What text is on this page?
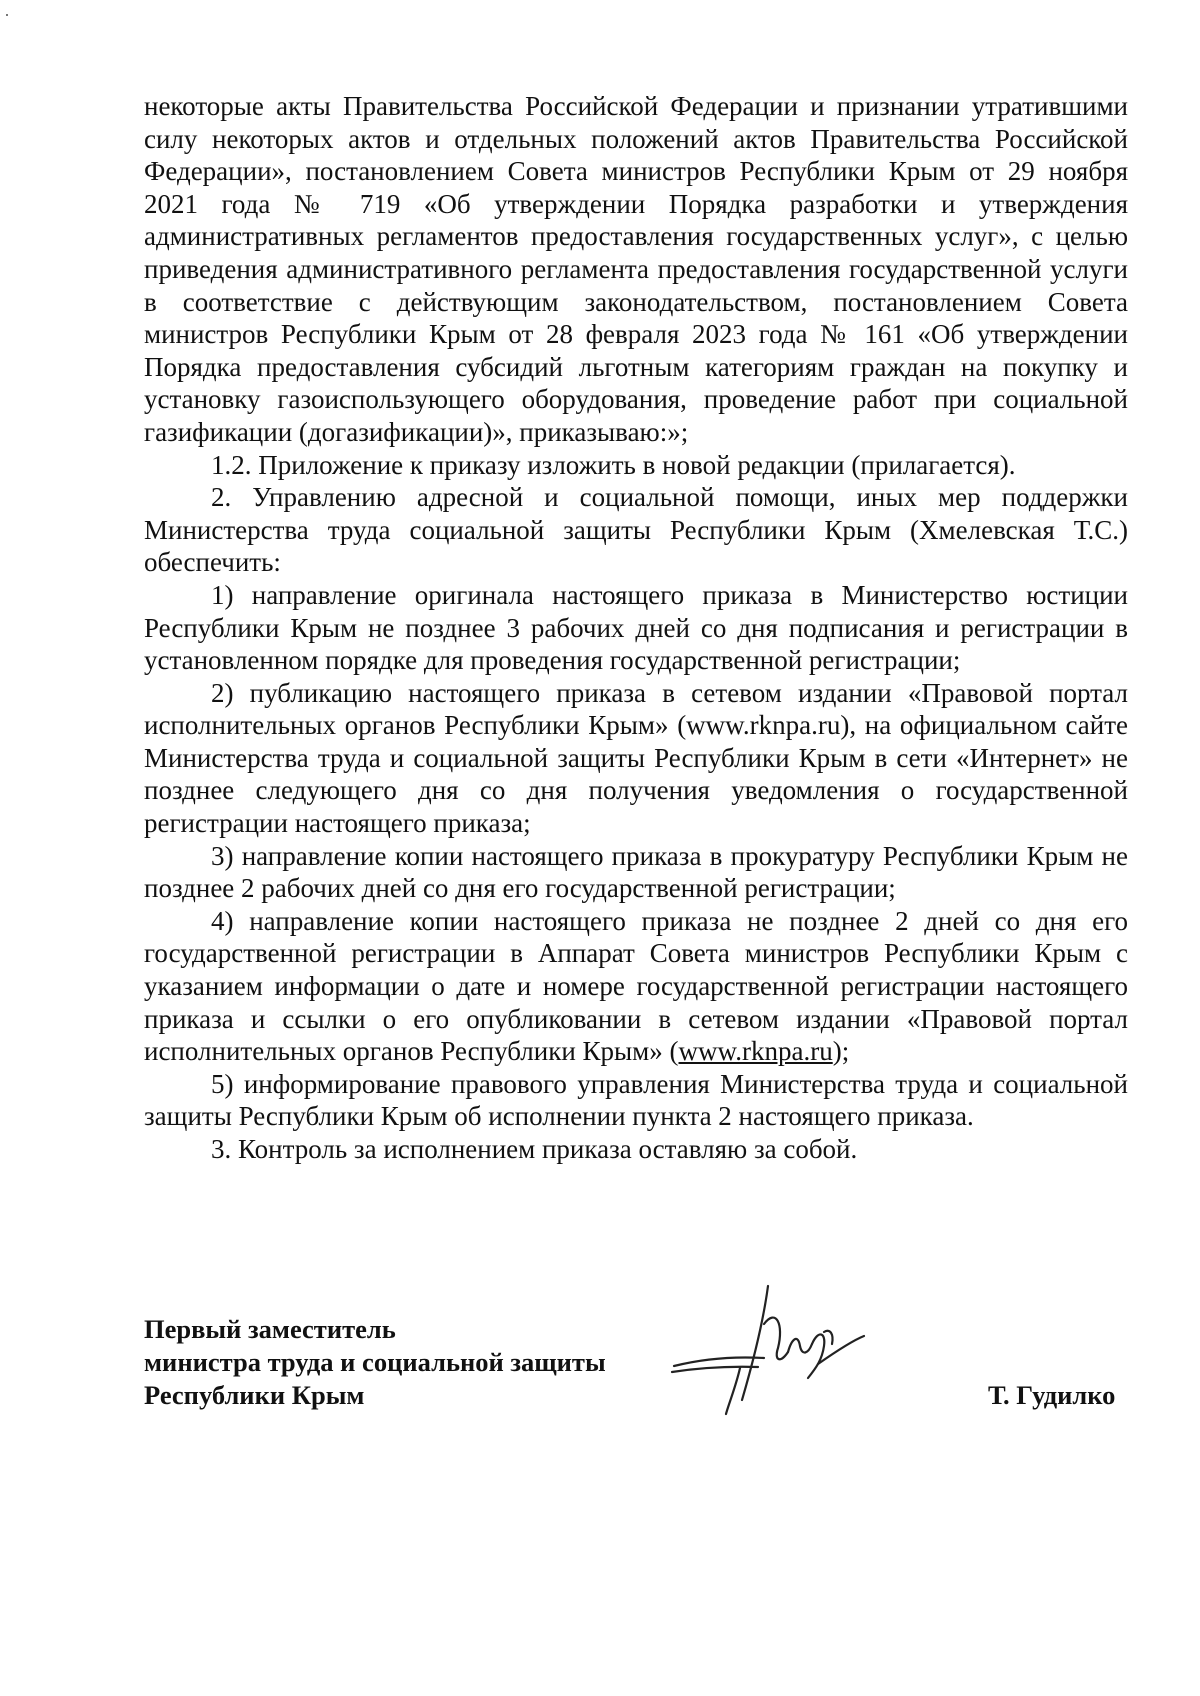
некоторые акты Правительства Российской Федерации и признании утратившими силу некоторых актов и отдельных положений актов Правительства Российской Федерации», постановлением Совета министров Республики Крым от 29 ноября 2021 года № 719 «Об утверждении Порядка разработки и утверждения административных регламентов предоставления государственных услуг», с целью приведения административного регламента предоставления государственной услуги в соответствие с действующим законодательством, постановлением Совета министров Республики Крым от 28 февраля 2023 года № 161 «Об утверждении Порядка предоставления субсидий льготным категориям граждан на покупку и установку газоиспользующего оборудования, проведение работ при социальной газификации (догазификации)», приказываю:»;

1.2. Приложение к приказу изложить в новой редакции (прилагается).

2. Управлению адресной и социальной помощи, иных мер поддержки Министерства труда социальной защиты Республики Крым (Хмелевская Т.С.) обеспечить:

1) направление оригинала настоящего приказа в Министерство юстиции Республики Крым не позднее 3 рабочих дней со дня подписания и регистрации в установленном порядке для проведения государственной регистрации;

2) публикацию настоящего приказа в сетевом издании «Правовой портал исполнительных органов Республики Крым» (www.rknpa.ru), на официальном сайте Министерства труда и социальной защиты Республики Крым в сети «Интернет» не позднее следующего дня со дня получения уведомления о государственной регистрации настоящего приказа;

3) направление копии настоящего приказа в прокуратуру Республики Крым не позднее 2 рабочих дней со дня его государственной регистрации;

4) направление копии настоящего приказа не позднее 2 дней со дня его государственной регистрации в Аппарат Совета министров Республики Крым с указанием информации о дате и номере государственной регистрации настоящего приказа и ссылки о его опубликовании в сетевом издании «Правовой портал исполнительных органов Республики Крым» (www.rknpa.ru);

5) информирование правового управления Министерства труда и социальной защиты Республики Крым об исполнении пункта 2 настоящего приказа.

3. Контроль за исполнением приказа оставляю за собой.

Первый заместитель
министра труда и социальной защиты
Республики Крым	Т. Гудилко
